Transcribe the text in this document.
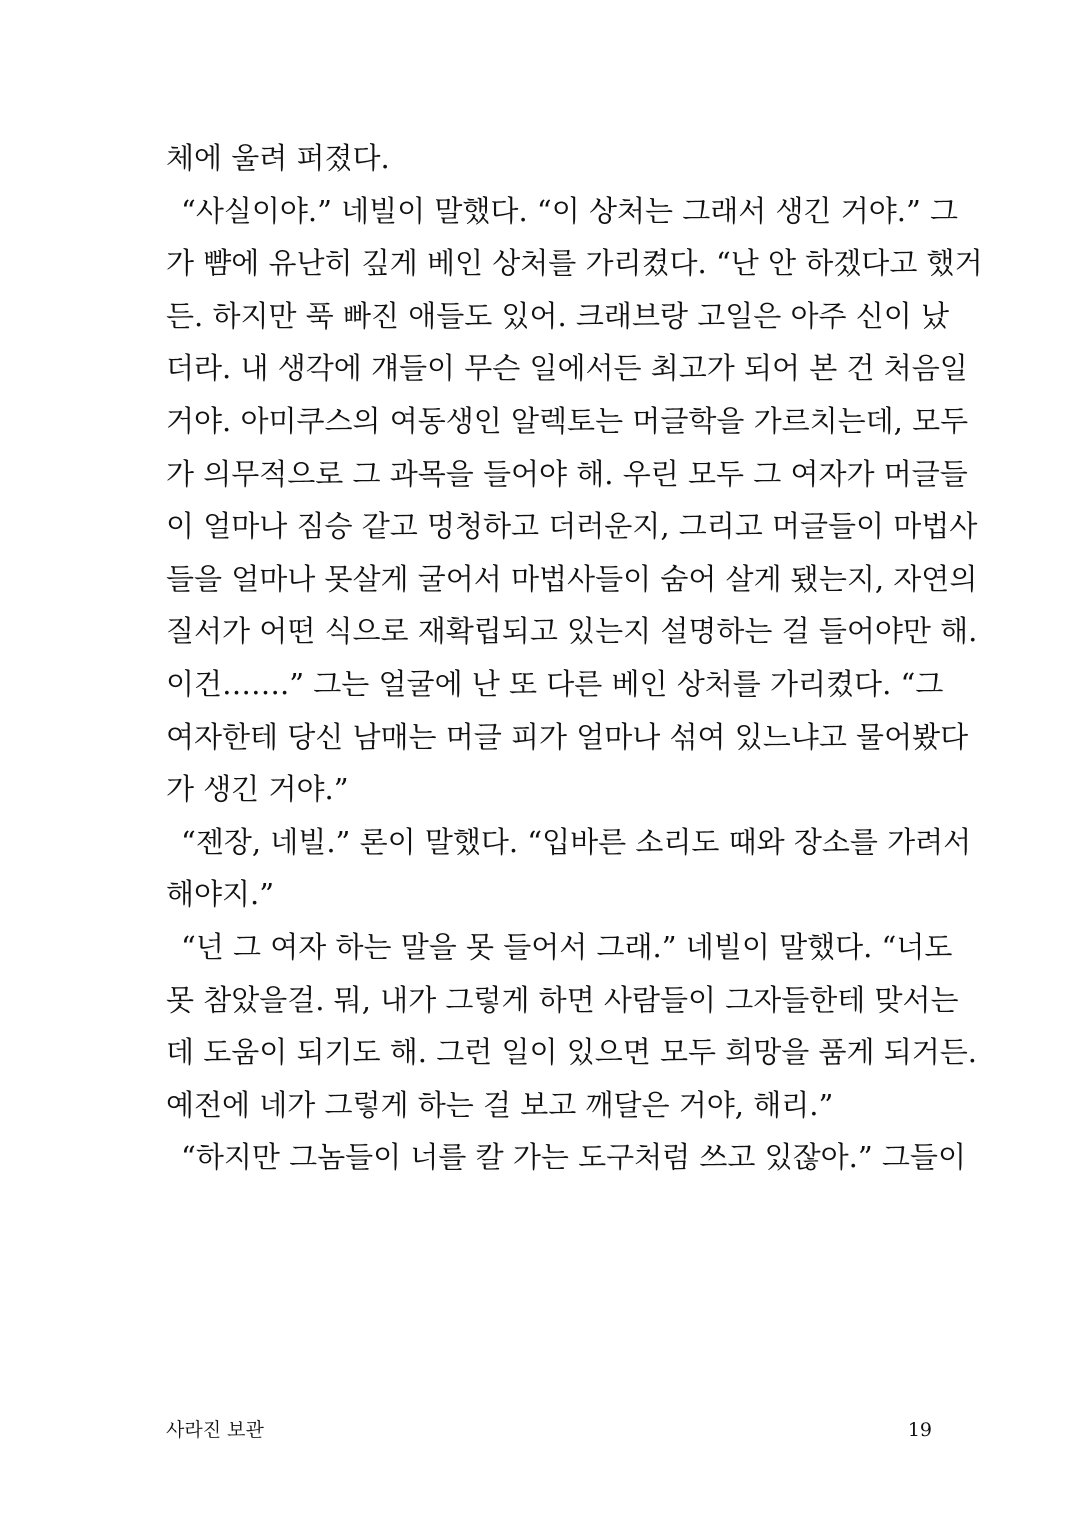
체에 울려 퍼졌다.
“사실이야.” 네빌이 말했다. “이 상처는 그래서 생긴 거야.” 그
가 뺨에 유난히 깊게 베인 상처를 가리켰다. “난 안 하겠다고 했거
든. 하지만 푹 빠진 애들도 있어. 크래브랑 고일은 아주 신이 났
더라. 내 생각에 걔들이 무슨 일에서든 최고가 되어 본 건 처음일
거야. 아미쿠스의 여동생인 알렉토는 머글학을 가르치는데, 모두
가 의무적으로 그 과목을 들어야 해. 우린 모두 그 여자가 머글들
이 얼마나 짐승 같고 멍청하고 더러운지, 그리고 머글들이 마법사
들을 얼마나 못살게 굴어서 마법사들이 숨어 살게 됐는지, 자연의
질서가 어떤 식으로 재확립되고 있는지 설명하는 걸 들어야만 해.
이건…….” 그는 얼굴에 난 또 다른 베인 상처를 가리켰다. “그
여자한테 당신 남매는 머글 피가 얼마나 섞여 있느냐고 물어봤다
가 생긴 거야.”
“젠장, 네빌.” 론이 말했다. “입바른 소리도 때와 장소를 가려서
해야지.”
“넌 그 여자 하는 말을 못 들어서 그래.” 네빌이 말했다. “너도
못 참았을걸. 뭐, 내가 그렇게 하면 사람들이 그자들한테 맞서는
데 도움이 되기도 해. 그런 일이 있으면 모두 희망을 품게 되거든.
예전에 네가 그렇게 하는 걸 보고 깨달은 거야, 해리.”
“하지만 그놈들이 너를 칼 가는 도구처럼 쓰고 있잖아.” 그들이
사라진 보관	19
